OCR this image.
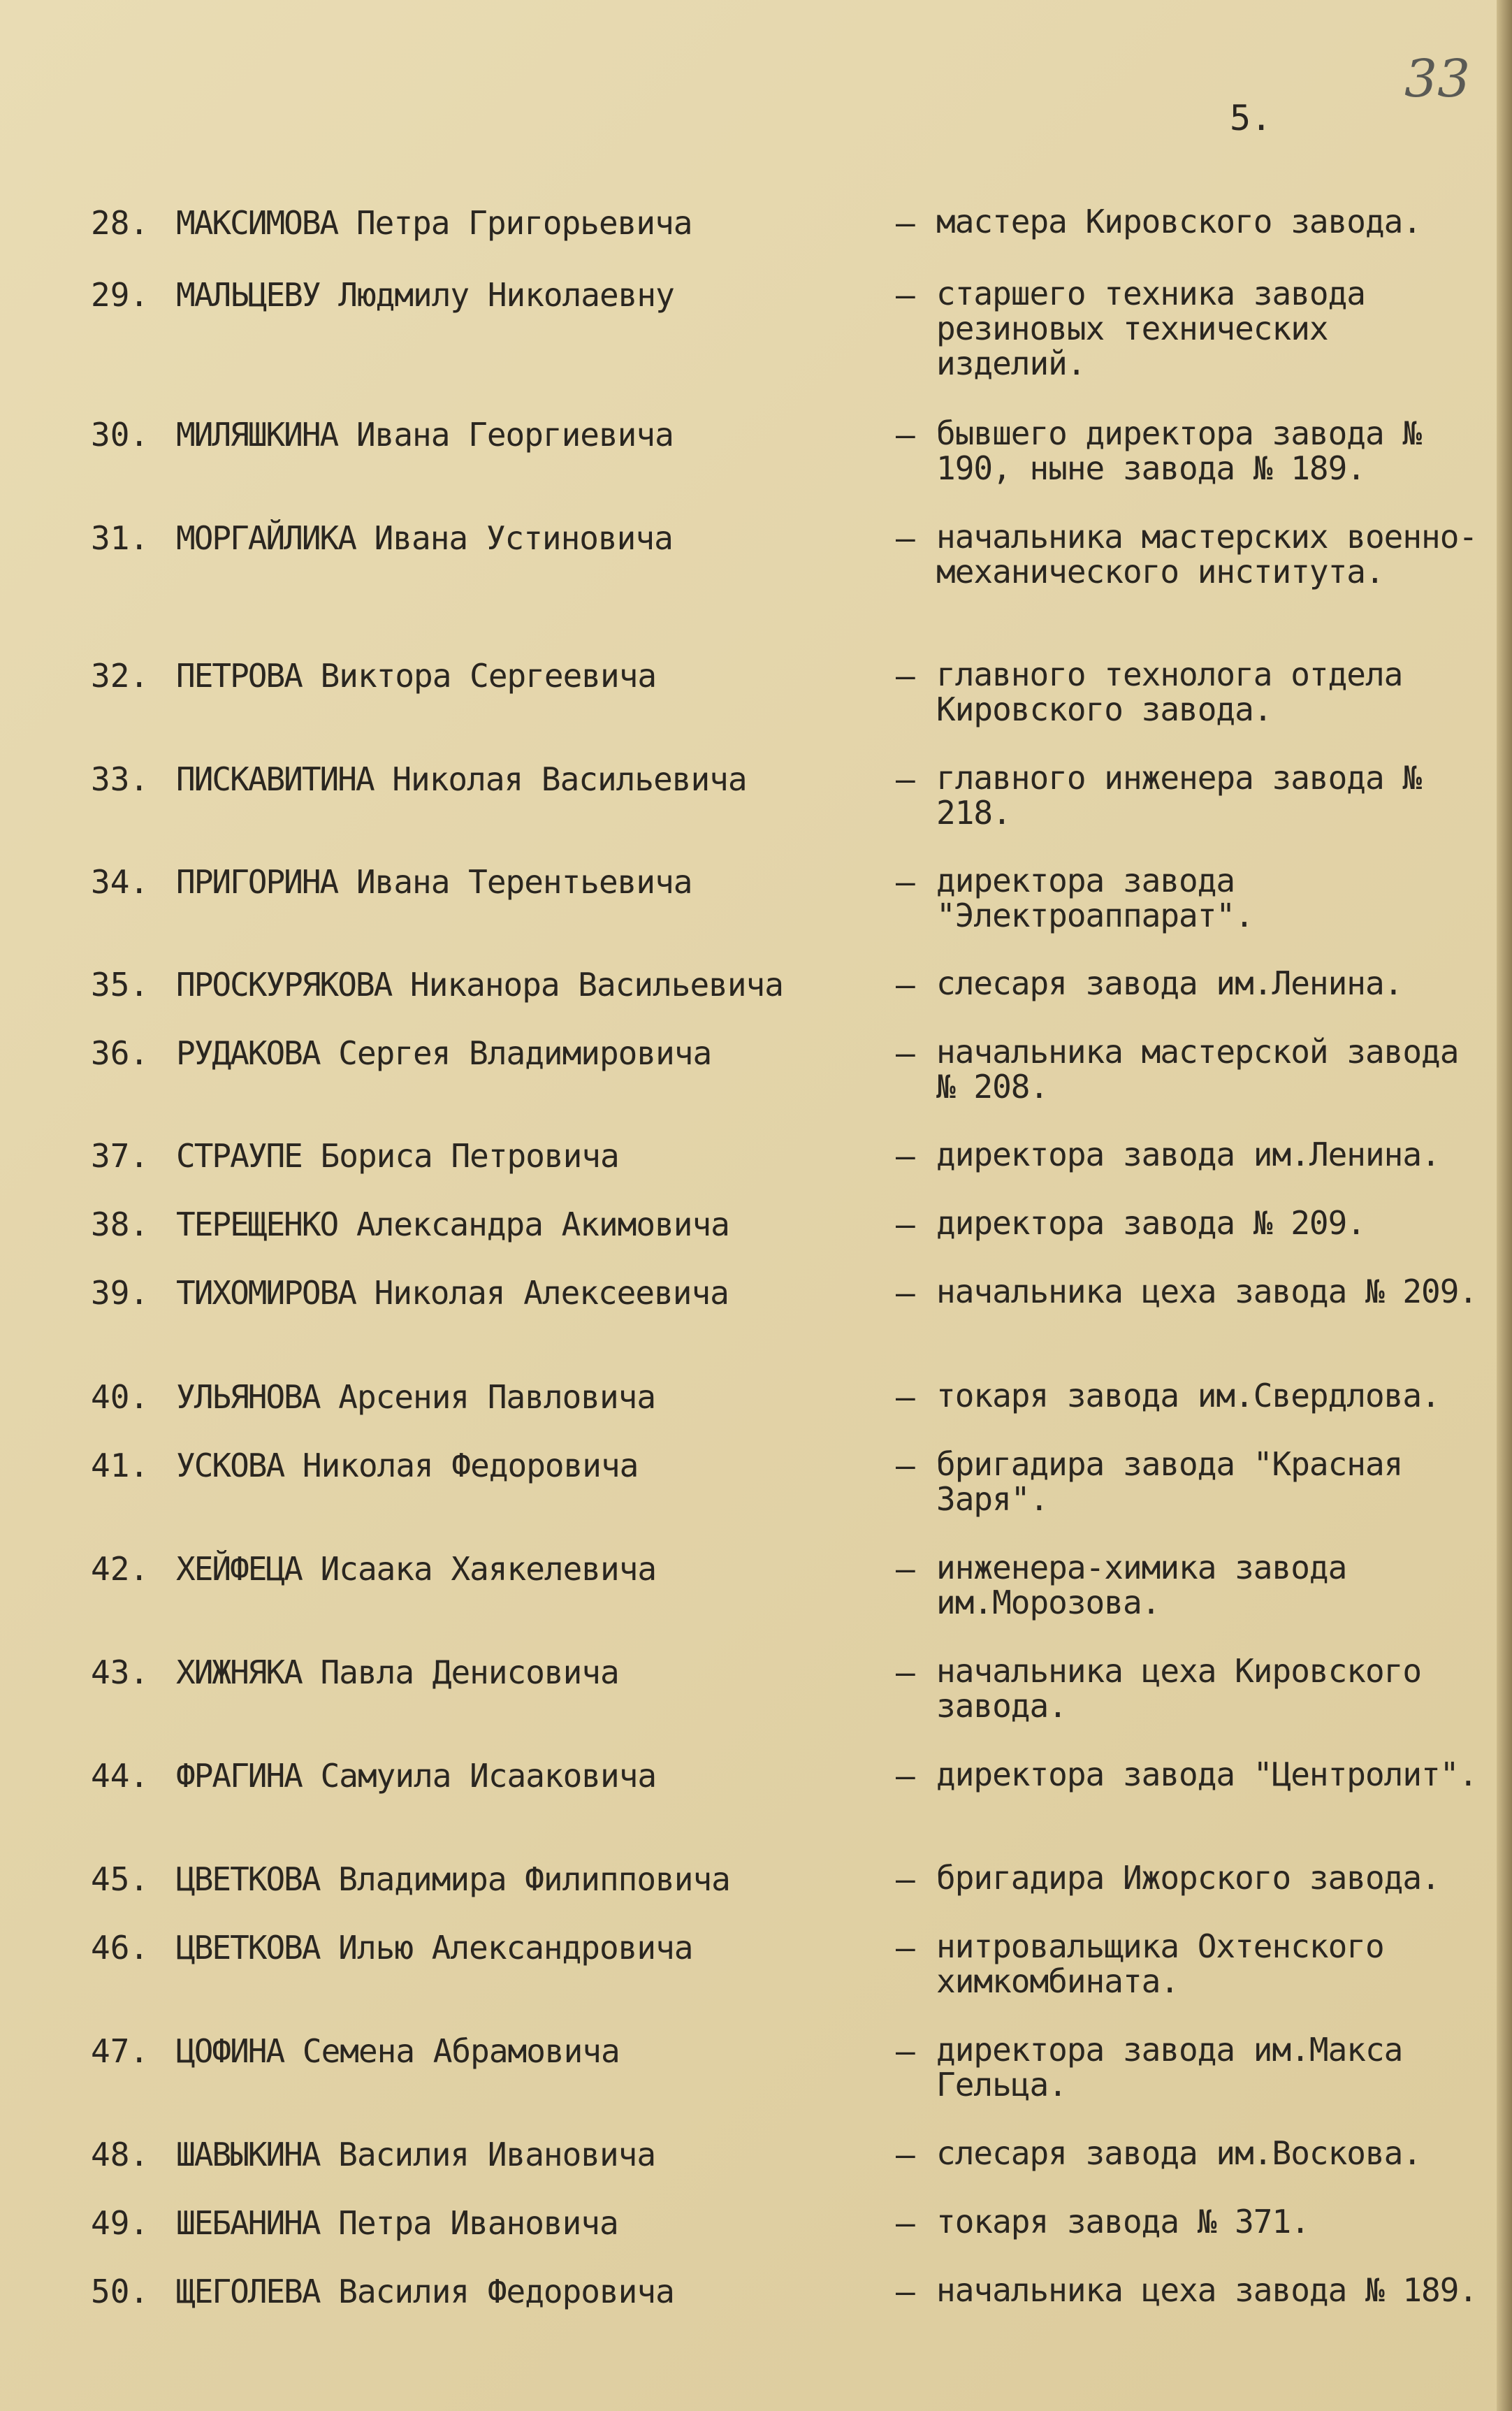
33
5.
28. МАКСИМОВА Петра Григорьевича	– мастера Кировского завода.
29. МАЛЬЦЕВУ Людмилу Николаевну	– старшего техника завода резиновых технических изделий.
30. МИЛЯШКИНА Ивана Георгиевича	– бывшего директора завода № 190, ныне завода № 189.
31. МОРГАЙЛИКА Ивана Устиновича	– начальника мастерских военно-механического института.
32. ПЕТРОВА Виктора Сергеевича	– главного технолога отдела Кировского завода.
33. ПИСКАВИТИНА Николая Васильевича	– главного инженера завода № 218.
34. ПРИГОРИНА Ивана Терентьевича	– директора завода "Электроаппарат".
35. ПРОСКУРЯКОВА Никанора Васильевича	– слесаря завода им.Ленина.
36. РУДАКОВА Сергея Владимировича	– начальника мастерской завода № 208.
37. СТРАУПЕ Бориса Петровича	– директора завода им.Ленина.
38. ТЕРЕЩЕНКО Александра Акимовича	– директора завода № 209.
39. ТИХОМИРОВА Николая Алексеевича	– начальника цеха завода № 209.
40. УЛЬЯНОВА Арсения Павловича	– токаря завода им.Свердлова.
41. УСКОВА Николая Федоровича	– бригадира завода "Красная Заря".
42. ХЕЙФЕЦА Исаака Хаякелевича	– инженера-химика завода им.Морозова.
43. ХИЖНЯКА Павла Денисовича	– начальника цеха Кировского завода.
44. ФРАГИНА Самуила Исааковича	– директора завода "Центролит".
45. ЦВЕТКОВА Владимира Филипповича	– бригадира Ижорского завода.
46. ЦВЕТКОВА Илью Александровича	– нитровальщика Охтенского химкомбината.
47. ЦОФИНА Семена Абрамовича	– директора завода им.Макса Гельца.
48. ШАВЫКИНА Василия Ивановича	– слесаря завода им.Воскова.
49. ШЕБАНИНА Петра Ивановича	– токаря завода № 371.
50. ЩЕГОЛЕВА Василия Федоровича	– начальника цеха завода № 189.
